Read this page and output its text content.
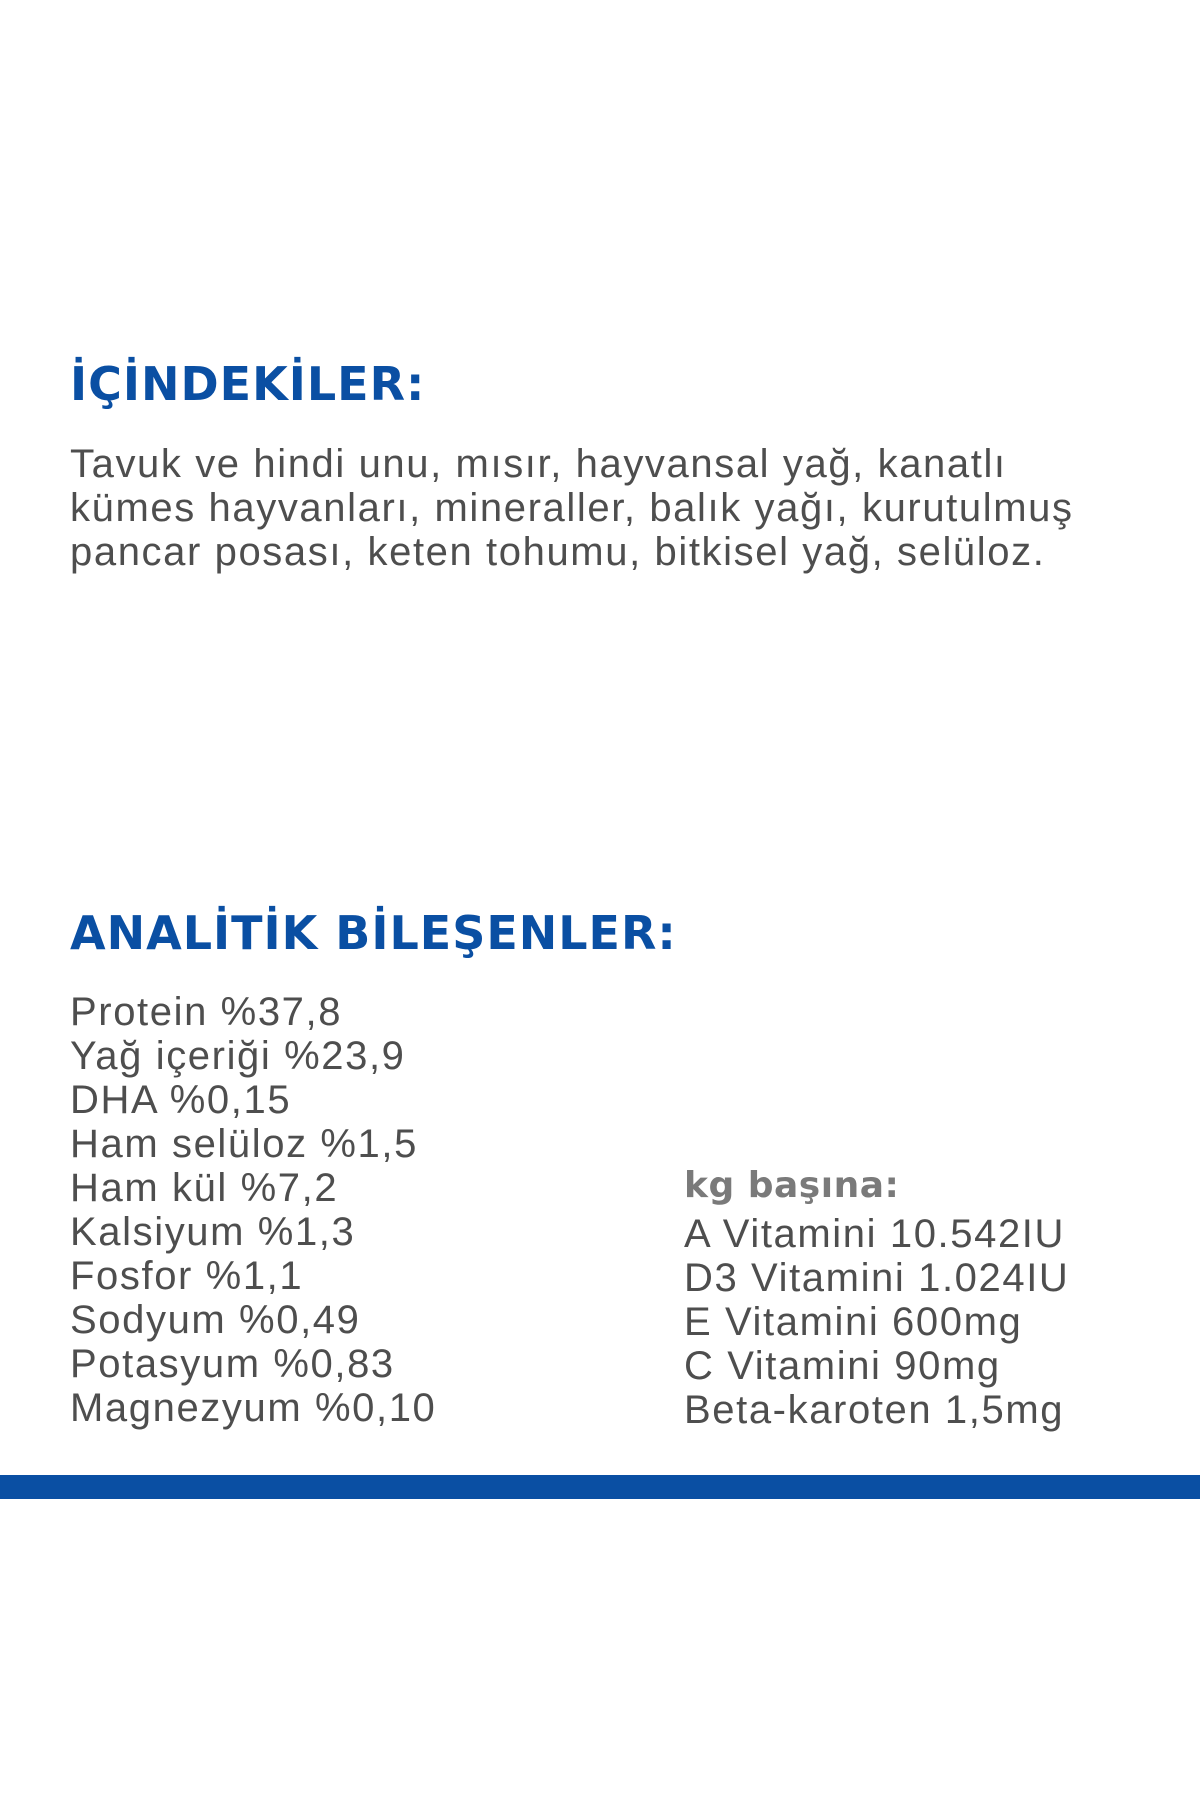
İÇİNDEKİLER:

Tavuk ve hindi unu, mısır, hayvansal yağ, kanatlı
kümes hayvanları, mineraller, balık yağı, kurutulmuş
pancar posası, keten tohumu, bitkisel yağ, selüloz.

ANALİTİK BİLEŞENLER:
Protein %37,8
Yağ içeriği %23,9
DHA %0,15
Ham selüloz %1,5
Ham kül %7,2
Kalsiyum %1,3
Fosfor %1,1
Sodyum %0,49
Potasyum %0,83
Magnezyum %0,10
kg başına:
A Vitamini 10.542IU
D3 Vitamini 1.024IU
E Vitamini 600mg
C Vitamini 90mg
Beta-karoten 1,5mg
